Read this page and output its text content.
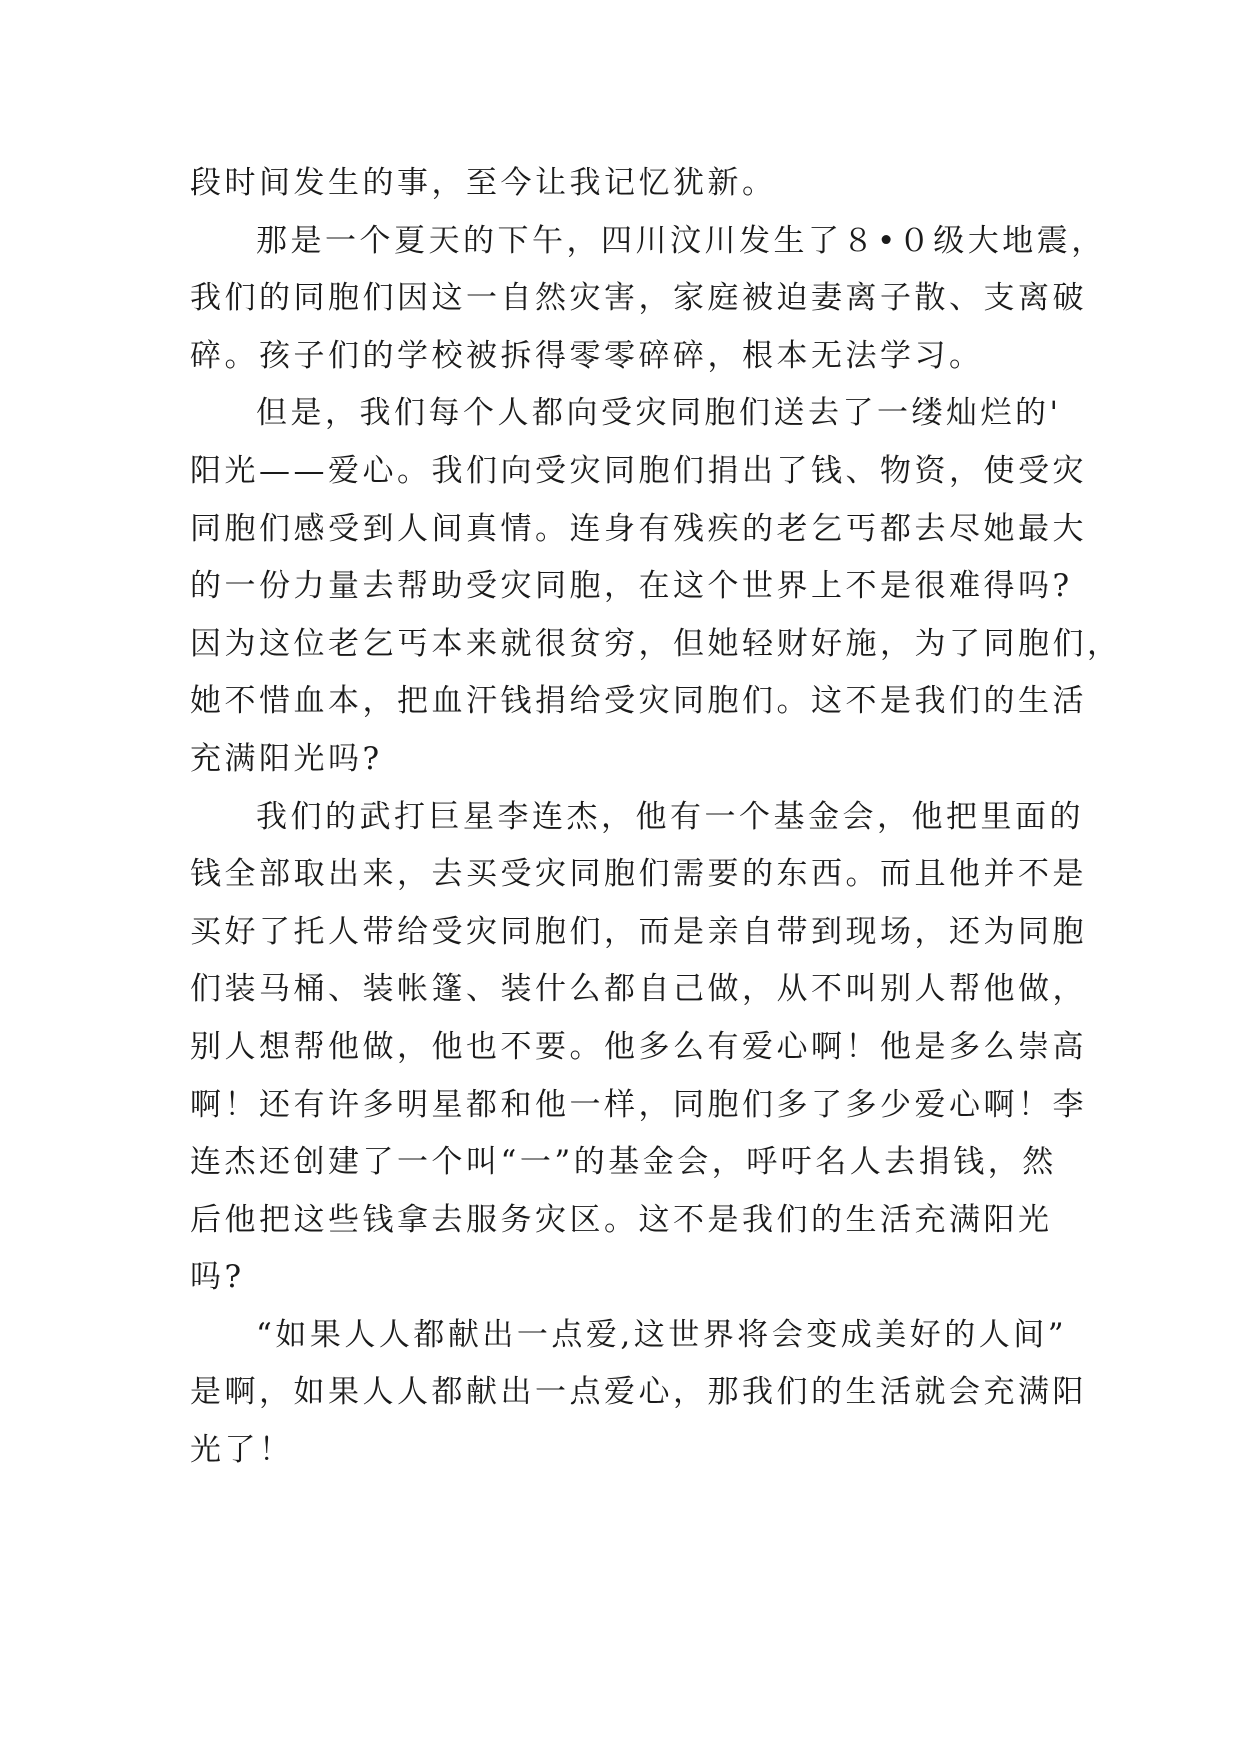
段时间发生的事，至今让我记忆犹新。
那是一个夏天的下午，四川汶川发生了８•０级大地震，
我们的同胞们因这一自然灾害，家庭被迫妻离子散、支离破
碎。孩子们的学校被拆得零零碎碎，根本无法学习。
但是，我们每个人都向受灾同胞们送去了一缕灿烂的'
阳光——爱心。我们向受灾同胞们捐出了钱、物资，使受灾
同胞们感受到人间真情。连身有残疾的老乞丐都去尽她最大
的一份力量去帮助受灾同胞，在这个世界上不是很难得吗?
因为这位老乞丐本来就很贫穷，但她轻财好施，为了同胞们，
她不惜血本，把血汗钱捐给受灾同胞们。这不是我们的生活
充满阳光吗?
我们的武打巨星李连杰，他有一个基金会，他把里面的
钱全部取出来，去买受灾同胞们需要的东西。而且他并不是
买好了托人带给受灾同胞们，而是亲自带到现场，还为同胞
们装马桶、装帐篷、装什么都自己做，从不叫别人帮他做，
别人想帮他做，他也不要。他多么有爱心啊！他是多么崇高
啊！还有许多明星都和他一样，同胞们多了多少爱心啊！李
连杰还创建了一个叫“一”的基金会，呼吁名人去捐钱，然
后他把这些钱拿去服务灾区。这不是我们的生活充满阳光
吗?
“如果人人都献出一点爱,这世界将会变成美好的人间”
是啊，如果人人都献出一点爱心，那我们的生活就会充满阳
光了！
